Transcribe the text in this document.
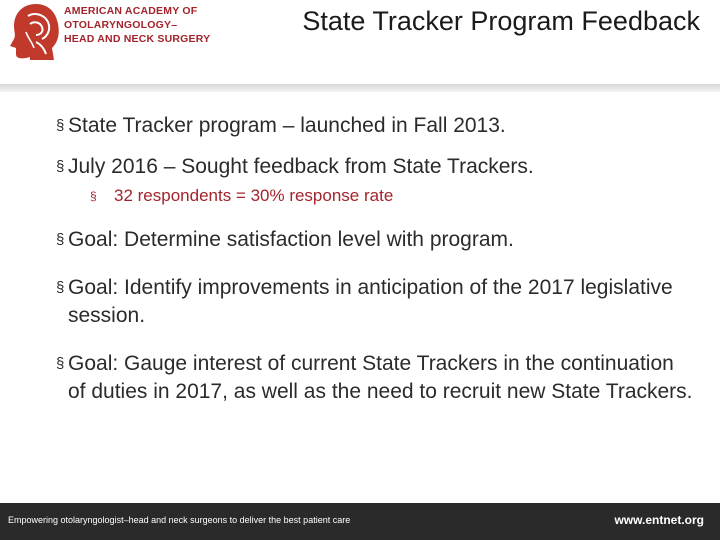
AMERICAN ACADEMY OF
OTOLARYNGOLOGY–
HEAD AND NECK SURGERY
State Tracker Program Feedback
§ State Tracker program – launched in Fall 2013.
§ July 2016 – Sought feedback from State Trackers.
§ 32 respondents = 30% response rate
§ Goal: Determine satisfaction level with program.
§ Goal: Identify improvements in anticipation of the 2017 legislative session.
§ Goal: Gauge interest of current State Trackers in the continuation of duties in 2017, as well as the need to recruit new State Trackers.
Empowering otolaryngologist–head and neck surgeons to deliver the best patient care	www.entnet.org
